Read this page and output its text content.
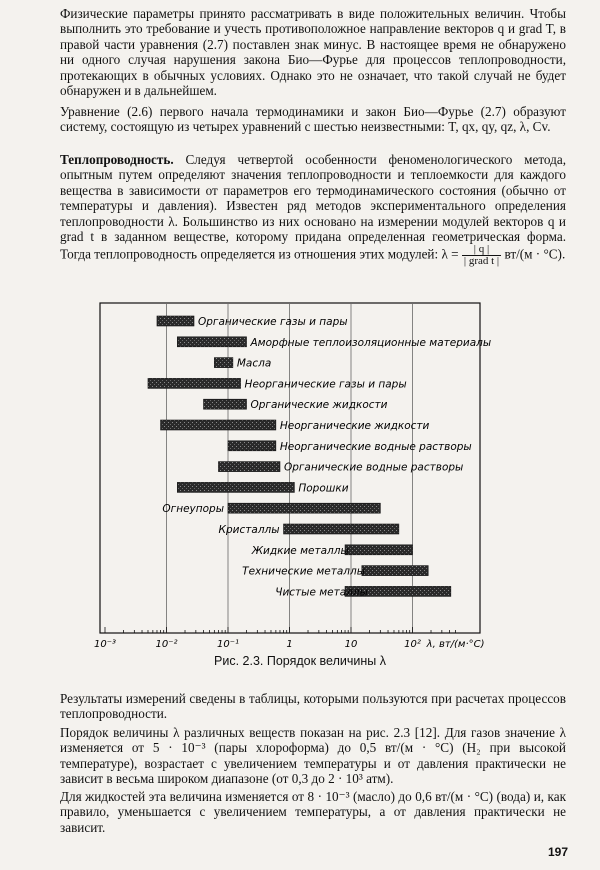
Физические параметры принято рассматривать в виде положительных величин. Чтобы выполнить это требование и учесть противоположное направление векторов q и grad T, в правой части уравнения (2.7) поставлен знак минус. В настоящее время не обнаружено ни одного случая нарушения закона Био—Фурье для процессов теплопроводности, протекающих в обычных условиях. Однако это не означает, что такой случай не будет обнаружен и в дальнейшем.

Уравнение (2.6) первого начала термодинамики и закон Био—Фурье (2.7) образуют систему, состоящую из четырех уравнений с шестью неизвестными: T, qx, qy, qz, λ, Cv.

Теплопроводность. Следуя четвертой особенности феноменологического метода, опытным путем определяют значения теплопроводности и теплоемкости для каждого вещества в зависимости от параметров его термодинамического состояния (обычно от температуры и давления). Известен ряд методов экспериментального определения теплопроводности λ. Большинство из них основано на измерении модулей векторов q и grad t в заданном веществе, которому придана определенная геометрическая форма. Тогда теплопроводность определяется из отношения этих модулей: $\lambda = \frac{| q |}{\text{| grad t |}} вт/(м \cdot ^\circ C)$.

Органические газы и пары
Аморфные теплоизоляционные материалы
Масла
Неорганические газы и пары
Органические жидкости
Неорганические жидкости
Неорганические водные растворы
Органические водные растворы
Порошки
Огнеупоры
Кристаллы
Жидкие металлы
Технические металлы
Чистые металлы
10⁻³	10⁻²	10⁻¹	1	10	10² λ, вт/(м·°С)
Рис. 2.3. Порядок величины λ

Результаты измерений сведены в таблицы, которыми пользуются при расчетах процессов теплопроводности.

Порядок величины λ различных веществ показан на рис. 2.3 [12]. Для газов значение λ изменяется от 5 · 10⁻³ (пары хлороформа) до 0,5 вт/(м · °C) (H₂ при высокой температуре), возрастает с увеличением температуры и от давления практически не зависит в весьма широком диапазоне (от 0,3 до 2 · 10³ атм).

Для жидкостей эта величина изменяется от 8 · 10⁻³ (масло) до 0,6 вт/(м · °C) (вода) и, как правило, уменьшается с увеличением температуры, а от давления практически не зависит.

197
